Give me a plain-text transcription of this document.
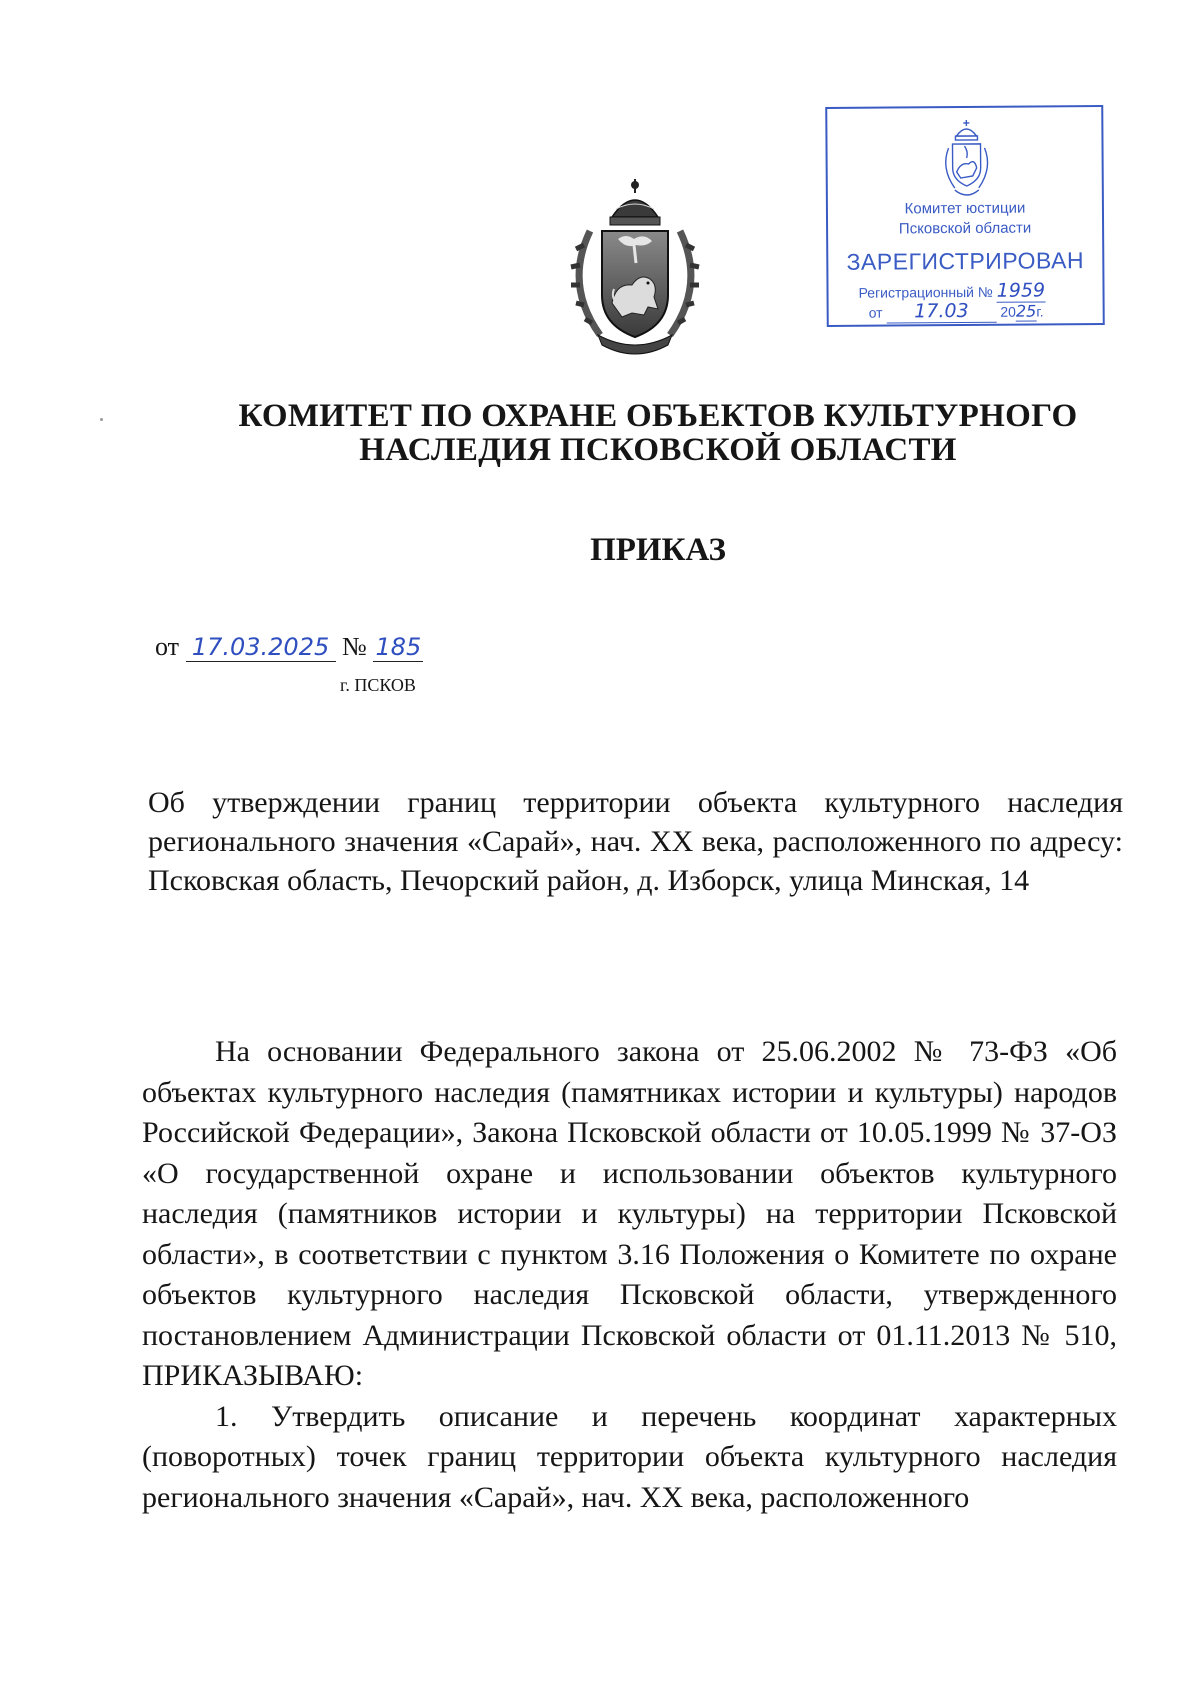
Комитет юстиции
Псковской области
ЗАРЕГИСТРИРОВАН
Регистрационный № 1959
от 17.03 2025г.
КОМИТЕТ ПО ОХРАНЕ ОБЪЕКТОВ КУЛЬТУРНОГО
НАСЛЕДИЯ ПСКОВСКОЙ ОБЛАСТИ
ПРИКАЗ
от 17.03.2025 № 185
г. ПСКОВ
Об утверждении границ территории объекта культурного наследия регионального значения «Сарай», нач. XX века, расположенного по адресу: Псковская область, Печорский район, д. Изборск, улица Минская, 14

На основании Федерального закона от 25.06.2002 № 73-ФЗ «Об объектах культурного наследия (памятниках истории и культуры) народов Российской Федерации», Закона Псковской области от 10.05.1999 № 37-ОЗ «О государственной охране и использовании объектов культурного наследия (памятников истории и культуры) на территории Псковской области», в соответствии с пунктом 3.16 Положения о Комитете по охране объектов культурного наследия Псковской области, утвержденного постановлением Администрации Псковской области от 01.11.2013 № 510, ПРИКАЗЫВАЮ:

1. Утвердить описание и перечень координат характерных (поворотных) точек границ территории объекта культурного наследия регионального значения «Сарай», нач. XX века, расположенного
